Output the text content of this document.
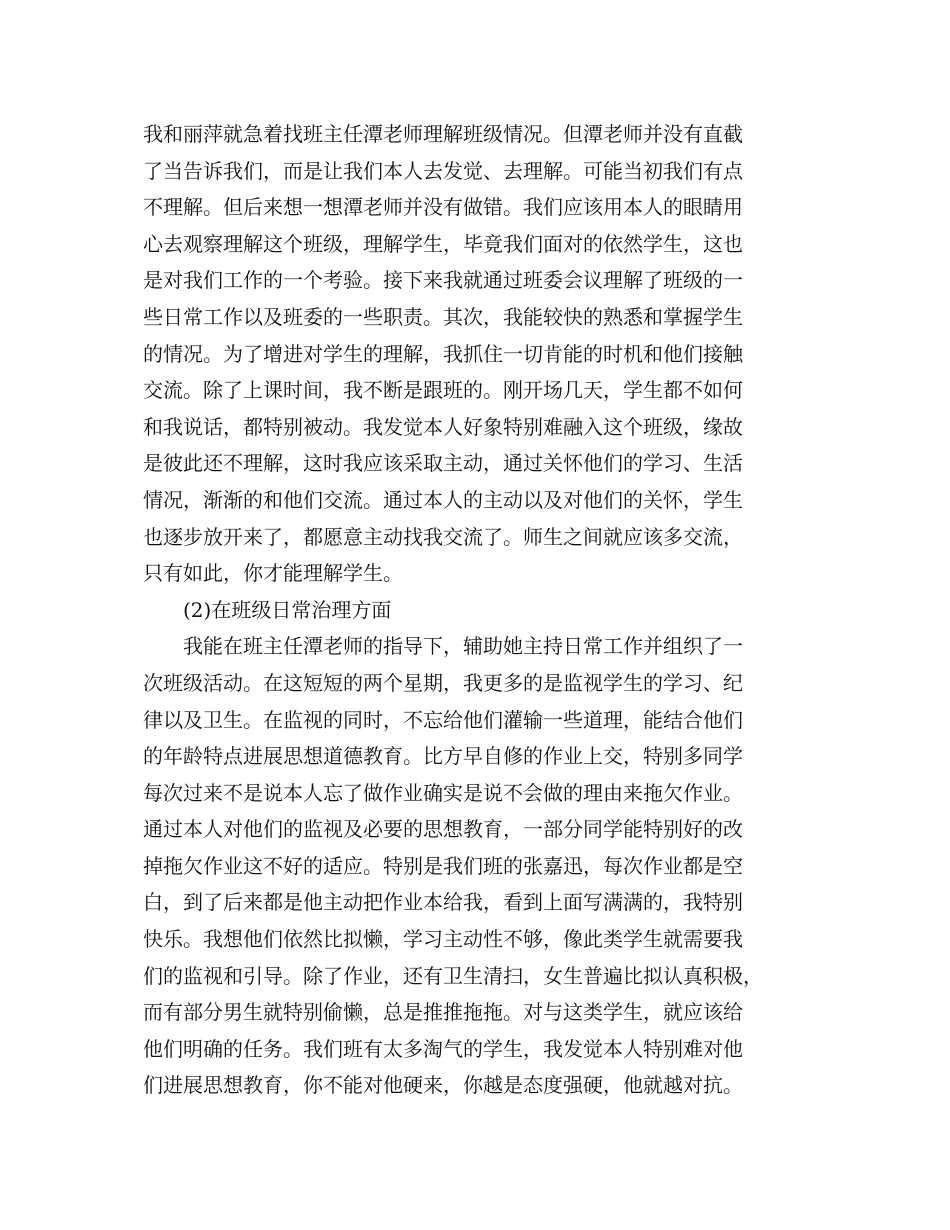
我和丽萍就急着找班主任潭老师理解班级情况。但潭老师并没有直截
了当告诉我们，而是让我们本人去发觉、去理解。可能当初我们有点
不理解。但后来想一想潭老师并没有做错。我们应该用本人的眼睛用
心去观察理解这个班级，理解学生，毕竟我们面对的依然学生，这也
是对我们工作的一个考验。接下来我就通过班委会议理解了班级的一
些日常工作以及班委的一些职责。其次，我能较快的熟悉和掌握学生
的情况。为了增进对学生的理解，我抓住一切肯能的时机和他们接触
交流。除了上课时间，我不断是跟班的。刚开场几天，学生都不如何
和我说话，都特别被动。我发觉本人好象特别难融入这个班级，缘故
是彼此还不理解，这时我应该采取主动，通过关怀他们的学习、生活
情况，渐渐的和他们交流。通过本人的主动以及对他们的关怀，学生
也逐步放开来了，都愿意主动找我交流了。师生之间就应该多交流，
只有如此，你才能理解学生。
(2)在班级日常治理方面
我能在班主任潭老师的指导下，辅助她主持日常工作并组织了一
次班级活动。在这短短的两个星期，我更多的是监视学生的学习、纪
律以及卫生。在监视的同时，不忘给他们灌输一些道理，能结合他们
的年龄特点进展思想道德教育。比方早自修的作业上交，特别多同学
每次过来不是说本人忘了做作业确实是说不会做的理由来拖欠作业。
通过本人对他们的监视及必要的思想教育，一部分同学能特别好的改
掉拖欠作业这不好的适应。特别是我们班的张嘉迅，每次作业都是空
白，到了后来都是他主动把作业本给我，看到上面写满满的，我特别
快乐。我想他们依然比拟懒，学习主动性不够，像此类学生就需要我
们的监视和引导。除了作业，还有卫生清扫，女生普遍比拟认真积极，
而有部分男生就特别偷懒，总是推推拖拖。对与这类学生，就应该给
他们明确的任务。我们班有太多淘气的学生，我发觉本人特别难对他
们进展思想教育，你不能对他硬来，你越是态度强硬，他就越对抗。
